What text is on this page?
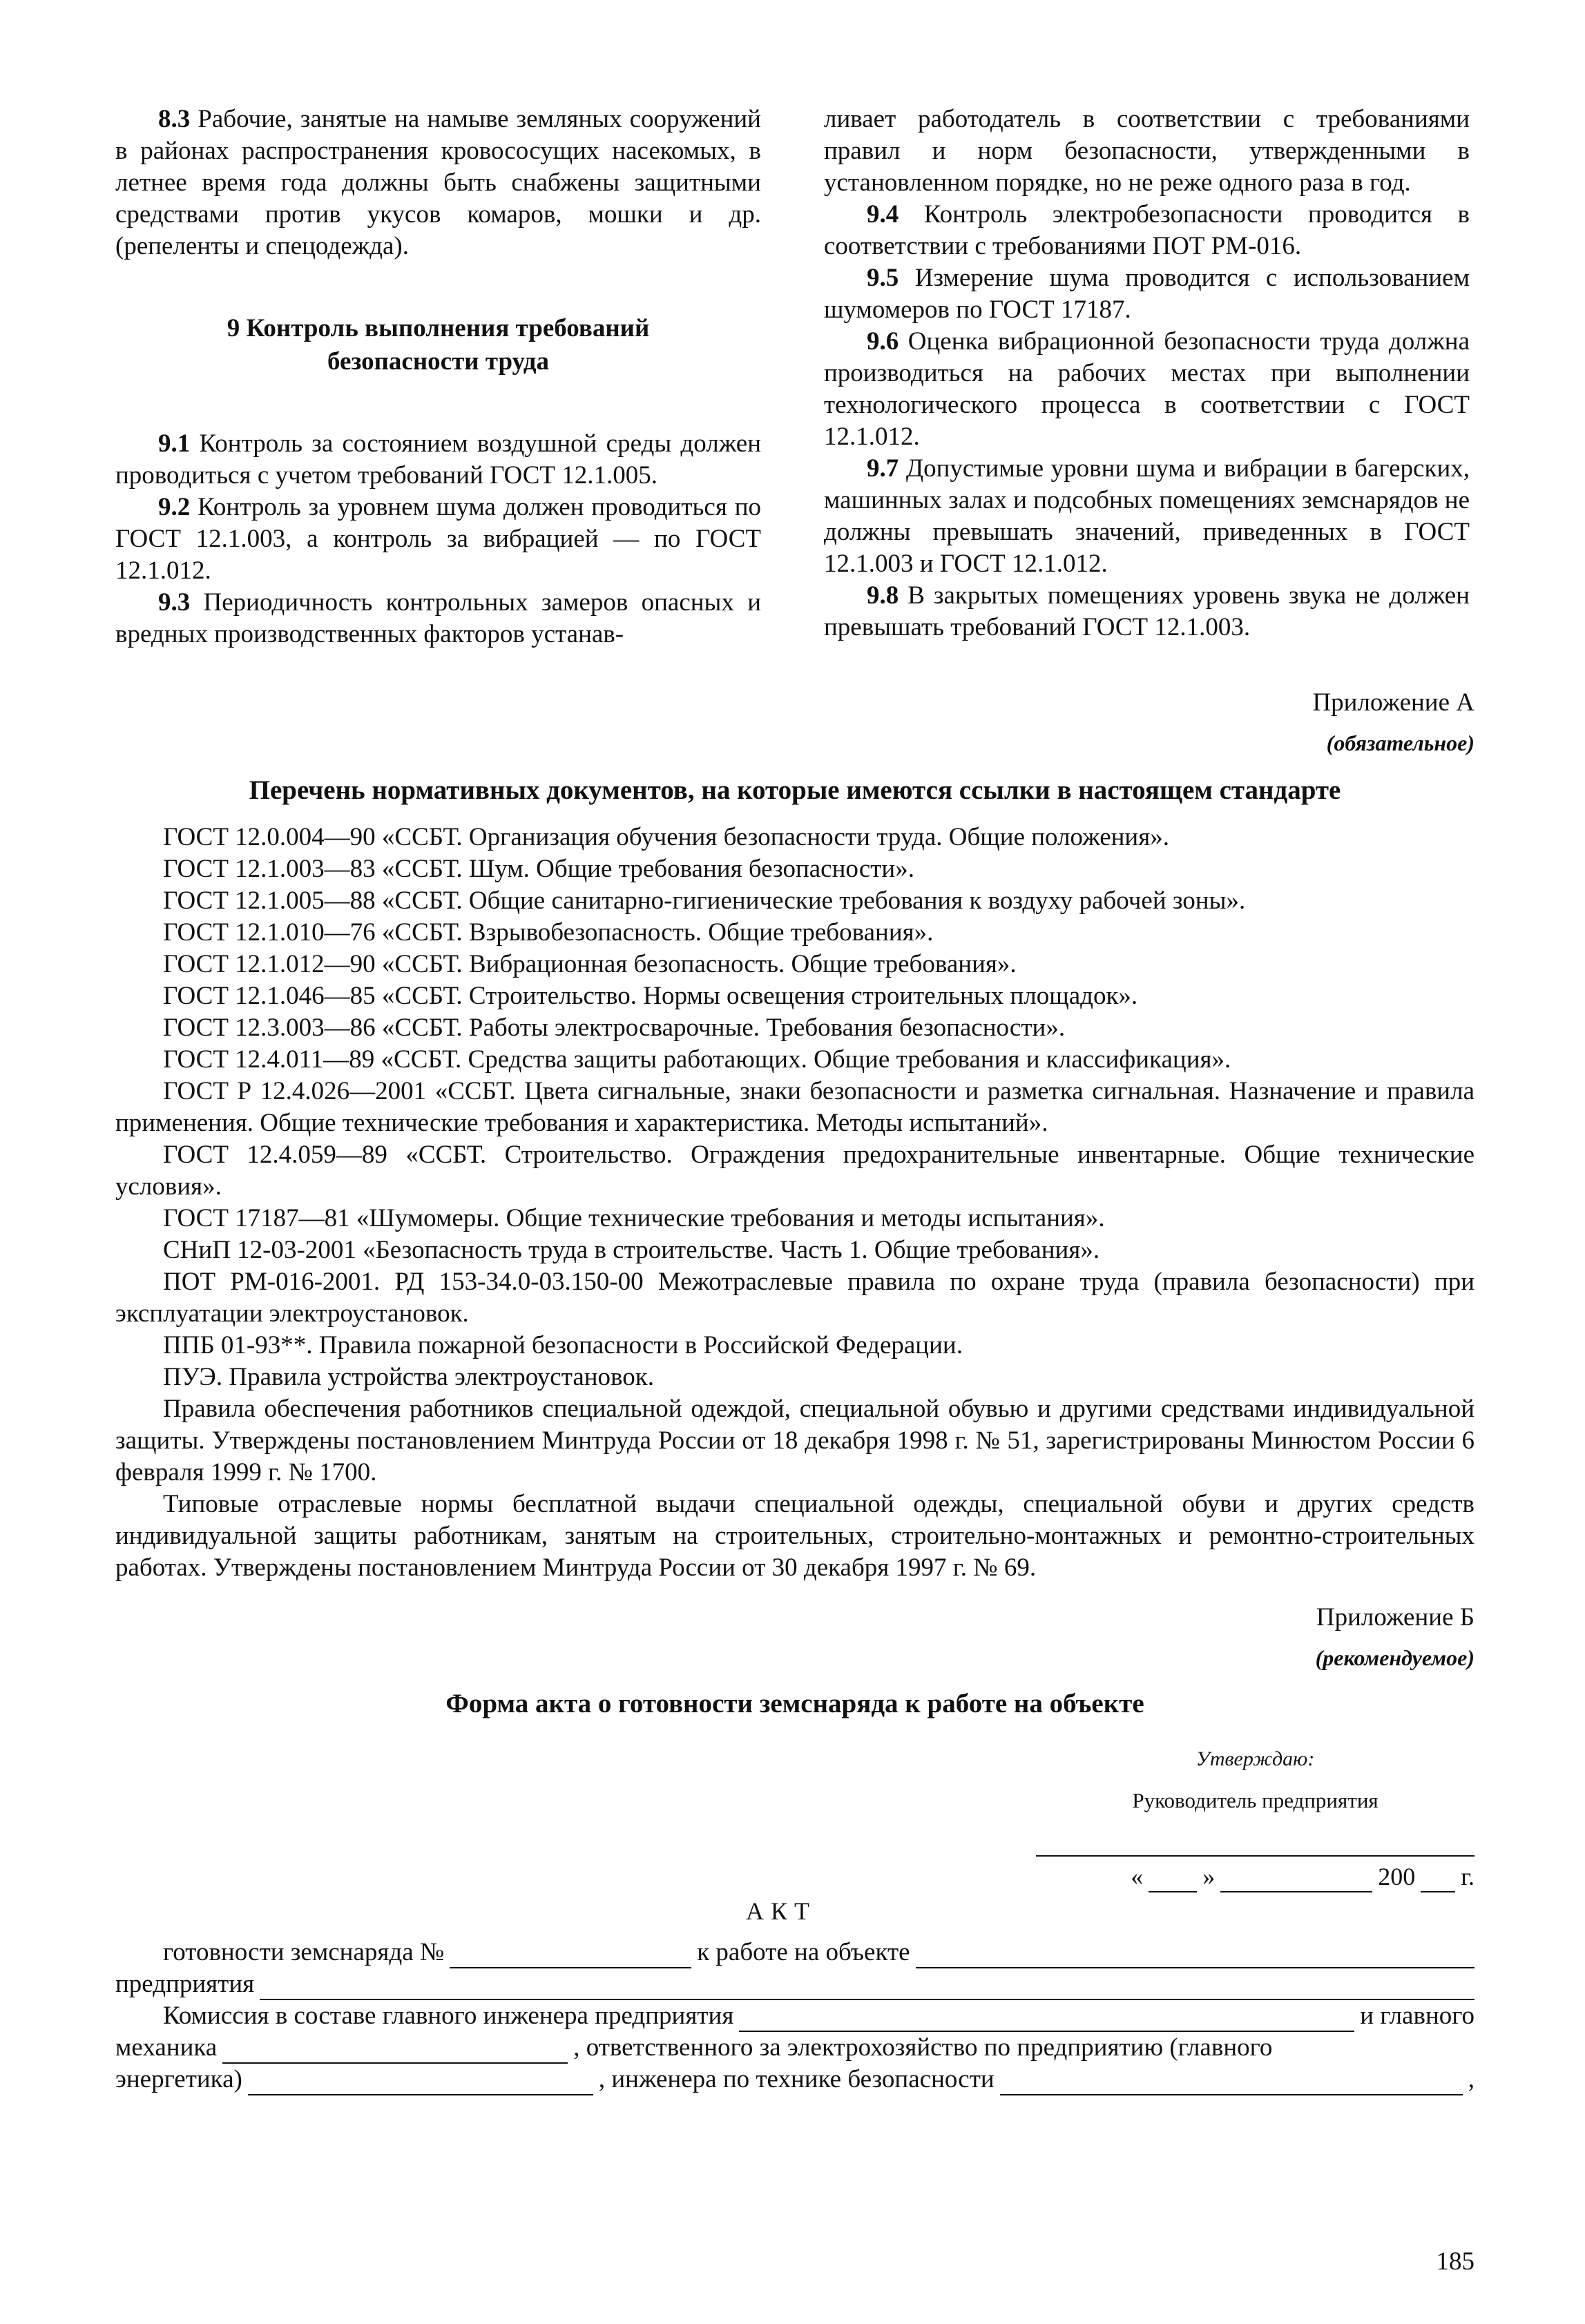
8.3 Рабочие, занятые на намыве земляных сооружений в районах распространения кровососущих насекомых, в летнее время года должны быть снабжены защитными средствами против укусов комаров, мошки и др. (репеленты и спецодежда).

9 Контроль выполнения требований
безопасности труда

9.1 Контроль за состоянием воздушной среды должен проводиться с учетом требований ГОСТ 12.1.005.

9.2 Контроль за уровнем шума должен проводиться по ГОСТ 12.1.003, а контроль за вибрацией — по ГОСТ 12.1.012.

9.3 Периодичность контрольных замеров опасных и вредных производственных факторов устанав-

ливает работодатель в соответствии с требованиями правил и норм безопасности, утвержденными в установленном порядке, но не реже одного раза в год.

9.4 Контроль электробезопасности проводится в соответствии с требованиями ПОТ РМ-016.

9.5 Измерение шума проводится с использованием шумомеров по ГОСТ 17187.

9.6 Оценка вибрационной безопасности труда должна производиться на рабочих местах при выполнении технологического процесса в соответствии с ГОСТ 12.1.012.

9.7 Допустимые уровни шума и вибрации в багерских, машинных залах и подсобных помещениях земснарядов не должны превышать значений, приведенных в ГОСТ 12.1.003 и ГОСТ 12.1.012.

9.8 В закрытых помещениях уровень звука не должен превышать требований ГОСТ 12.1.003.

Приложение А
(обязательное)
Перечень нормативных документов, на которые имеются ссылки в настоящем стандарте

ГОСТ 12.0.004—90 «ССБТ. Организация обучения безопасности труда. Общие положения».

ГОСТ 12.1.003—83 «ССБТ. Шум. Общие требования безопасности».

ГОСТ 12.1.005—88 «ССБТ. Общие санитарно-гигиенические требования к воздуху рабочей зоны».

ГОСТ 12.1.010—76 «ССБТ. Взрывобезопасность. Общие требования».

ГОСТ 12.1.012—90 «ССБТ. Вибрационная безопасность. Общие требования».

ГОСТ 12.1.046—85 «ССБТ. Строительство. Нормы освещения строительных площадок».

ГОСТ 12.3.003—86 «ССБТ. Работы электросварочные. Требования безопасности».

ГОСТ 12.4.011—89 «ССБТ. Средства защиты работающих. Общие требования и классификация».

ГОСТ Р 12.4.026—2001 «ССБТ. Цвета сигнальные, знаки безопасности и разметка сигнальная. Назначение и правила применения. Общие технические требования и характеристика. Методы испытаний».

ГОСТ 12.4.059—89 «ССБТ. Строительство. Ограждения предохранительные инвентарные. Общие технические условия».

ГОСТ 17187—81 «Шумомеры. Общие технические требования и методы испытания».

СНиП 12-03-2001 «Безопасность труда в строительстве. Часть 1. Общие требования».

ПОТ РМ-016-2001. РД 153-34.0-03.150-00 Межотраслевые правила по охране труда (правила безопасности) при эксплуатации электроустановок.

ППБ 01-93**. Правила пожарной безопасности в Российской Федерации.

ПУЭ. Правила устройства электроустановок.

Правила обеспечения работников специальной одеждой, специальной обувью и другими средствами индивидуальной защиты. Утверждены постановлением Минтруда России от 18 декабря 1998 г. № 51, зарегистрированы Минюстом России 6 февраля 1999 г. № 1700.

Типовые отраслевые нормы бесплатной выдачи специальной одежды, специальной обуви и других средств индивидуальной защиты работникам, занятым на строительных, строительно-монтажных и ремонтно-строительных работах. Утверждены постановлением Минтруда России от 30 декабря 1997 г. № 69.

Приложение Б
(рекомендуемое)
Форма акта о готовности земснаряда к работе на объекте
Утверждаю:
Руководитель предприятия
« »	200 г.
АКТ
готовности земснаряда №	к работе на объекте
предприятия
Комиссия в составе главного инженера предприятия	и главного
механика	, ответственного за электрохозяйство по предприятию (главного
энергетика)	, инженера по технике безопасности	,
185
